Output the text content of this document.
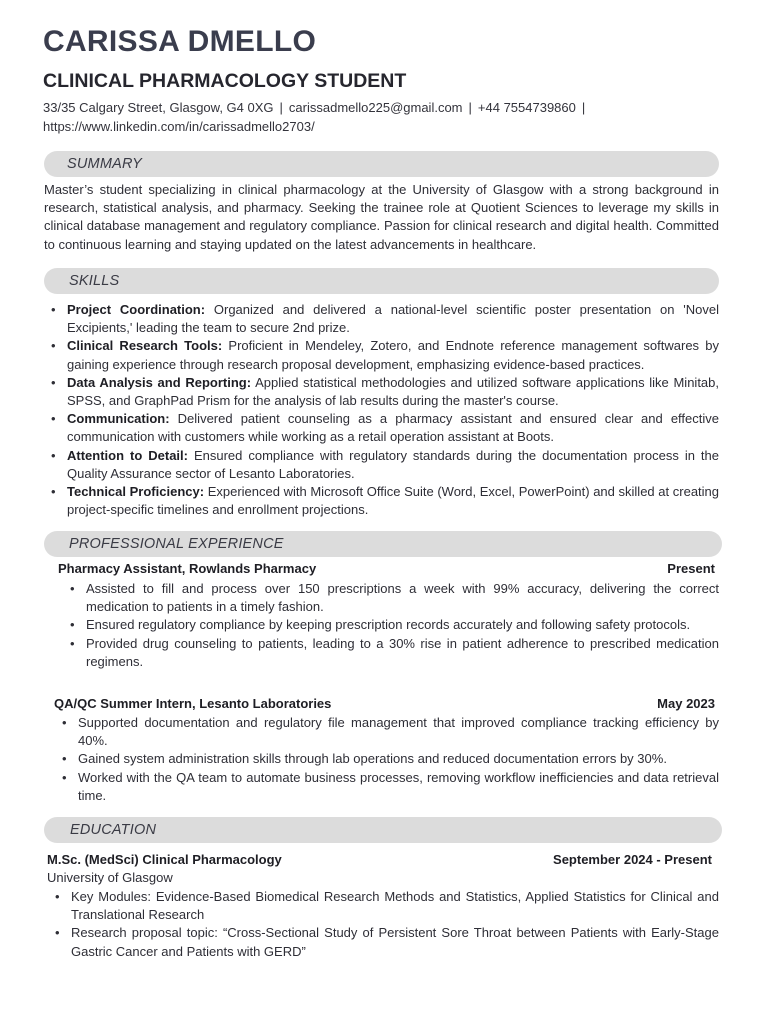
CARISSA DMELLO
CLINICAL PHARMACOLOGY STUDENT
33/35 Calgary Street, Glasgow, G4 0XG | carissadmello225@gmail.com | +44 7554739860 |
https://www.linkedin.com/in/carissadmello2703/
SUMMARY

Master’s student specializing in clinical pharmacology at the University of Glasgow with a strong background in research, statistical analysis, and pharmacy. Seeking the trainee role at Quotient Sciences to leverage my skills in clinical database management and regulatory compliance. Passion for clinical research and digital health. Committed to continuous learning and staying updated on the latest advancements in healthcare.

SKILLS
• Project Coordination: Organized and delivered a national-level scientific poster presentation on 'Novel Excipients,' leading the team to secure 2nd prize.
• Clinical Research Tools: Proficient in Mendeley, Zotero, and Endnote reference management softwares by gaining experience through research proposal development, emphasizing evidence-based practices.
• Data Analysis and Reporting: Applied statistical methodologies and utilized software applications like Minitab, SPSS, and GraphPad Prism for the analysis of lab results during the master's course.
• Communication: Delivered patient counseling as a pharmacy assistant and ensured clear and effective communication with customers while working as a retail operation assistant at Boots.
• Attention to Detail: Ensured compliance with regulatory standards during the documentation process in the Quality Assurance sector of Lesanto Laboratories.
• Technical Proficiency: Experienced with Microsoft Office Suite (Word, Excel, PowerPoint) and skilled at creating project-specific timelines and enrollment projections.
PROFESSIONAL EXPERIENCE
Pharmacy Assistant, Rowlands Pharmacy	Present
• Assisted to fill and process over 150 prescriptions a week with 99% accuracy, delivering the correct medication to patients in a timely fashion.
• Ensured regulatory compliance by keeping prescription records accurately and following safety protocols.
• Provided drug counseling to patients, leading to a 30% rise in patient adherence to prescribed medication regimens.
QA/QC Summer Intern, Lesanto Laboratories	May 2023
• Supported documentation and regulatory file management that improved compliance tracking efficiency by 40%.
• Gained system administration skills through lab operations and reduced documentation errors by 30%.
• Worked with the QA team to automate business processes, removing workflow inefficiencies and data retrieval time.
EDUCATION
M.Sc. (MedSci) Clinical Pharmacology	September 2024 - Present
University of Glasgow
• Key Modules: Evidence-Based Biomedical Research Methods and Statistics, Applied Statistics for Clinical and Translational Research
• Research proposal topic: “Cross-Sectional Study of Persistent Sore Throat between Patients with Early-Stage Gastric Cancer and Patients with GERD”
